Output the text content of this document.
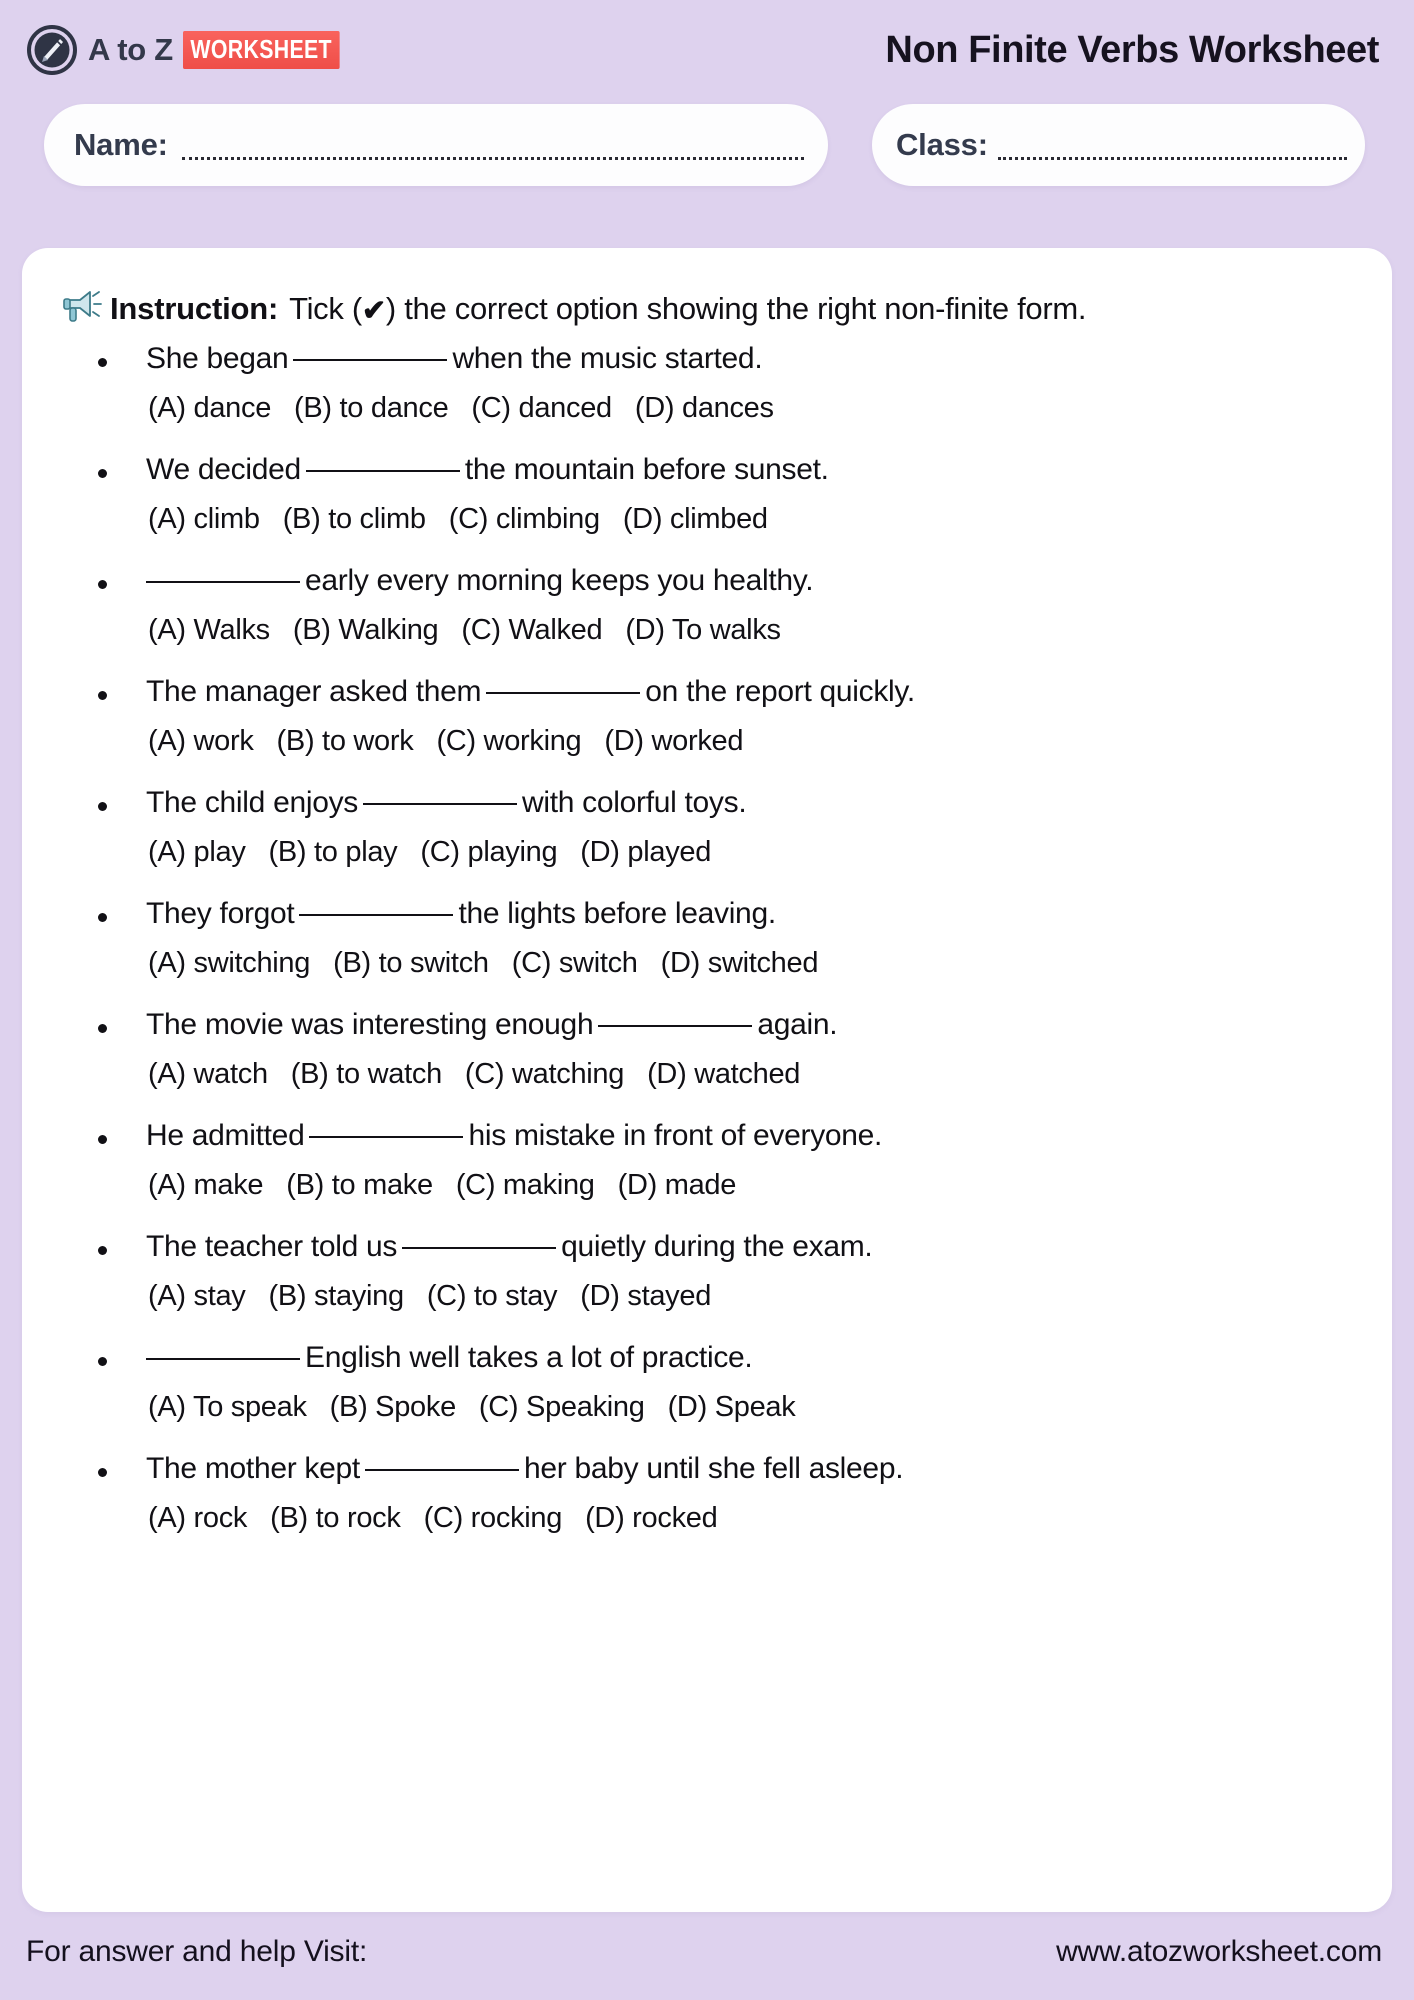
A to Z WORKSHEET	Non Finite Verbs Worksheet
Name:	Class:
Instruction: Tick (✔) the correct option showing the right non-finite form.
She began	when the music started.
(A) dance (B) to dance (C) danced (D) dances
We decided	the mountain before sunset.
(A) climb (B) to climb (C) climbing (D) climbed
early every morning keeps you healthy.
(A) Walks (B) Walking (C) Walked (D) To walks
The manager asked them	on the report quickly.
(A) work (B) to work (C) working (D) worked
The child enjoys	with colorful toys.
(A) play (B) to play (C) playing (D) played
They forgot	the lights before leaving.
(A) switching (B) to switch (C) switch (D) switched
The movie was interesting enough	again.
(A) watch (B) to watch (C) watching (D) watched
He admitted	his mistake in front of everyone.
(A) make (B) to make (C) making (D) made
The teacher told us	quietly during the exam.
(A) stay (B) staying (C) to stay (D) stayed
English well takes a lot of practice.
(A) To speak (B) Spoke (C) Speaking (D) Speak
The mother kept	her baby until she fell asleep.
(A) rock (B) to rock (C) rocking (D) rocked
For answer and help Visit:	www.atozworksheet.com
